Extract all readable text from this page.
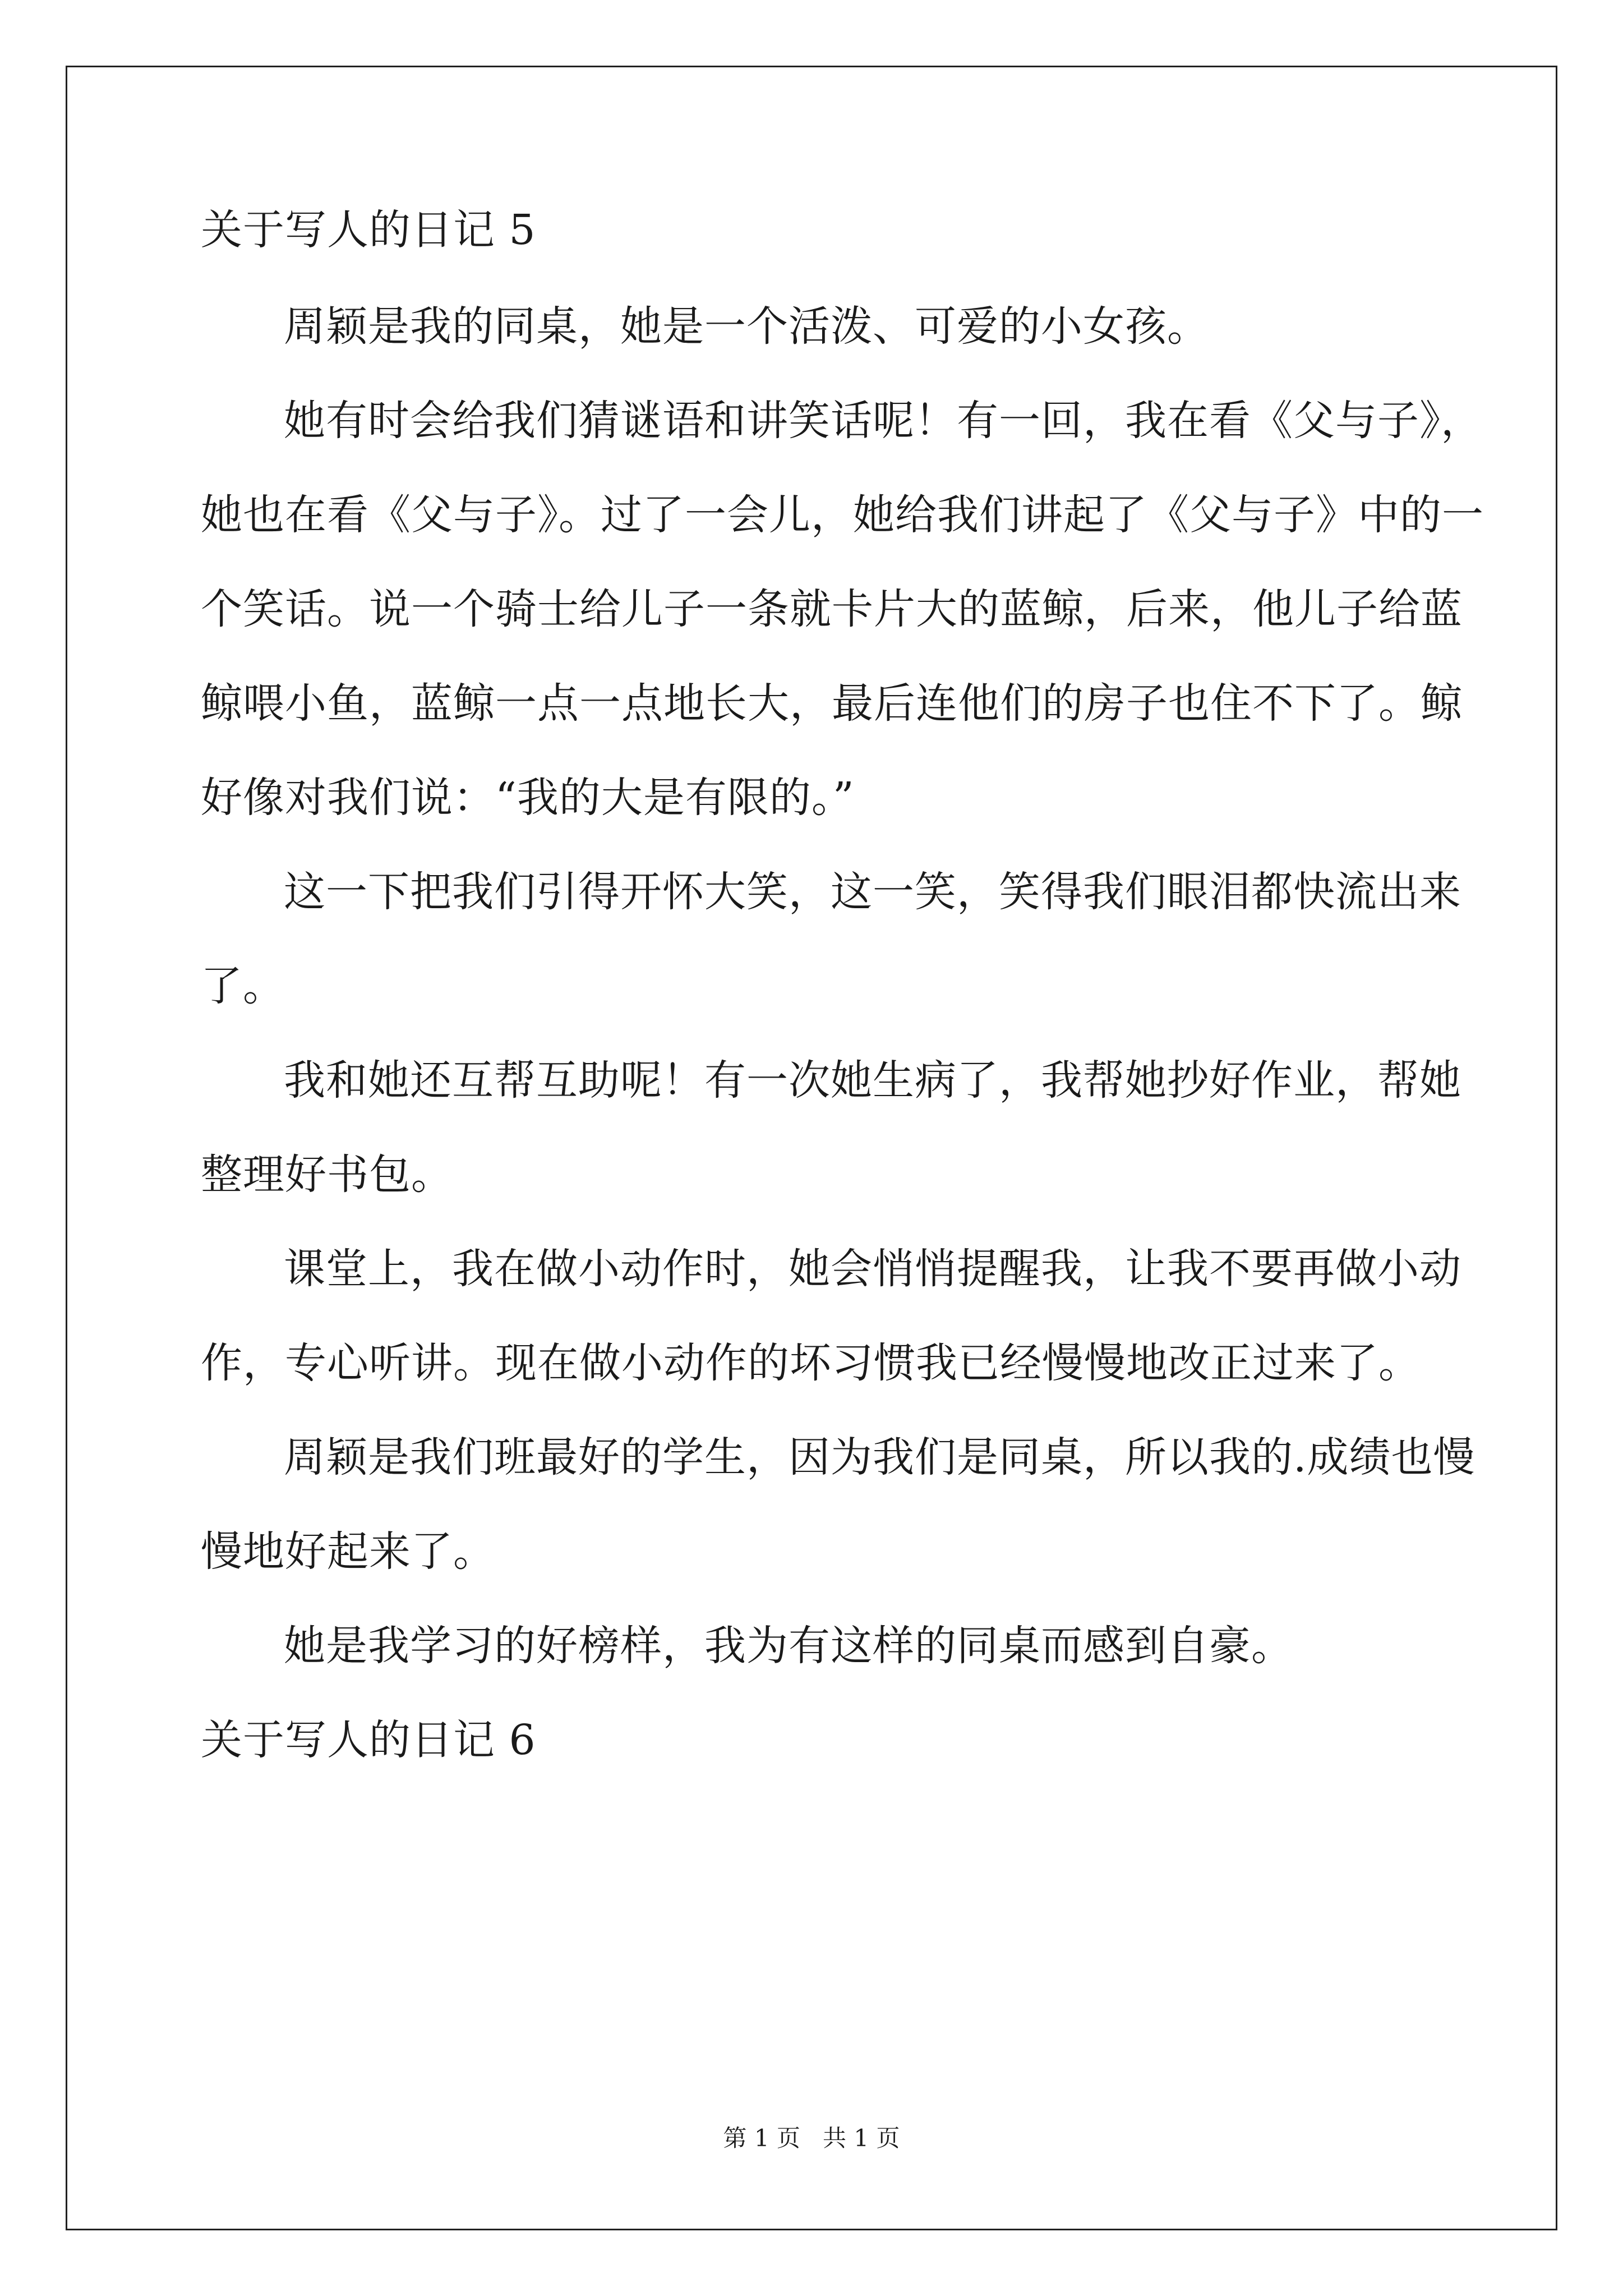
关于写人的日记 5
周颖是我的同桌，她是一个活泼、可爱的小女孩。
她有时会给我们猜谜语和讲笑话呢！有一回，我在看《父与子》，
她也在看《父与子》。过了一会儿，她给我们讲起了《父与子》中的一
个笑话。说一个骑士给儿子一条就卡片大的蓝鲸，后来，他儿子给蓝
鲸喂小鱼，蓝鲸一点一点地长大，最后连他们的房子也住不下了。鲸
好像对我们说：“我的大是有限的。”
这一下把我们引得开怀大笑，这一笑，笑得我们眼泪都快流出来
了。
我和她还互帮互助呢！有一次她生病了，我帮她抄好作业，帮她
整理好书包。
课堂上，我在做小动作时，她会悄悄提醒我，让我不要再做小动
作，专心听讲。现在做小动作的坏习惯我已经慢慢地改正过来了。
周颖是我们班最好的学生，因为我们是同桌，所以我的.成绩也慢
慢地好起来了。
她是我学习的好榜样，我为有这样的同桌而感到自豪。
关于写人的日记 6
第 1 页   共 1 页
